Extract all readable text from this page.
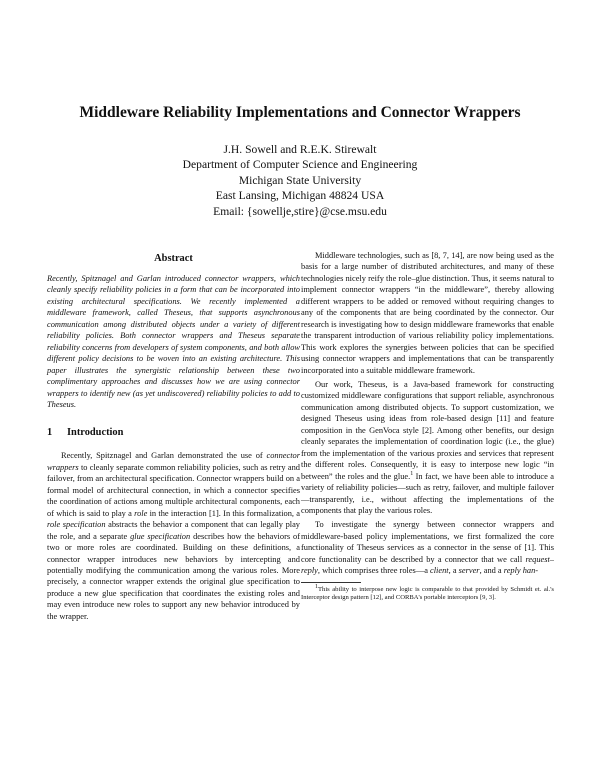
Middleware Reliability Implementations and Connector Wrappers
J.H. Sowell and R.E.K. Stirewalt
Department of Computer Science and Engineering
Michigan State University
East Lansing, Michigan 48824 USA
Email: {sowellje,stire}@cse.msu.edu
Abstract

Recently, Spitznagel and Garlan introduced connector wrappers, which cleanly specify reliability policies in a form that can be incorporated into existing architectural specifications. We recently implemented a middleware framework, called Theseus, that supports asynchronous communication among distributed objects under a variety of different reliability policies. Both connector wrappers and Theseus separate reliability concerns from developers of system components, and both allow different policy decisions to be woven into an existing architecture. This paper illustrates the synergistic relationship between these two complimentary approaches and discusses how we are using connector wrappers to identify new (as yet undiscovered) reliability policies to add to Theseus.

1 Introduction

Recently, Spitznagel and Garlan demonstrated the use of connector wrappers to cleanly separate common reliability policies, such as retry and failover, from an architectural specification. Connector wrappers build on a formal model of architectural connection, in which a connector specifies the coordination of actions among multiple architectural components, each of which is said to play a role in the interaction [1]. In this formalization, a role specification abstracts the behavior a component that can legally play the role, and a separate glue specification describes how the behaviors of two or more roles are coordinated. Building on these definitions, a connector wrapper introduces new behaviors by intercepting and potentially modifying the communication among the various roles. More precisely, a connector wrapper extends the original glue specification to produce a new glue specification that coordinates the existing roles and may even introduce new roles to support any new behavior introduced by the wrapper.

Middleware technologies, such as [8, 7, 14], are now being used as the basis for a large number of distributed architectures, and many of these technologies nicely reify the role–glue distinction. Thus, it seems natural to implement connector wrappers “in the middleware”, thereby allowing different wrappers to be added or removed without requiring changes to any of the components that are being coordinated by the connector. Our research is investigating how to design middleware frameworks that enable the transparent introduction of various reliability policy implementations. This work explores the synergies between policies that can be specified using connector wrappers and implementations that can be transparently incorporated into a suitable middleware framework.

Our work, Theseus, is a Java-based framework for constructing customized middleware configurations that support reliable, asynchronous communication among distributed objects. To support customization, we designed Theseus using ideas from role-based design [11] and feature composition in the GenVoca style [2]. Among other benefits, our design cleanly separates the implementation of coordination logic (i.e., the glue) from the implementation of the various proxies and services that represent the different roles. Consequently, it is easy to interpose new logic “in between” the roles and the glue.$^1$ In fact, we have been able to introduce a variety of reliability policies—such as retry, failover, and multiple failover—transparently, i.e., without affecting the implementations of the components that play the various roles.

To investigate the synergy between connector wrappers and middleware-based policy implementations, we first formalized the core functionality of Theseus services as a connector in the sense of [1]. This core functionality can be described by a connector that we call request–reply, which comprises three roles—a client, a server, and a reply han-

$^1$This ability to interpose new logic is comparable to that provided by Schmidt et. al.'s Interceptor design pattern [12], and CORBA's portable interceptors [9, 3].
